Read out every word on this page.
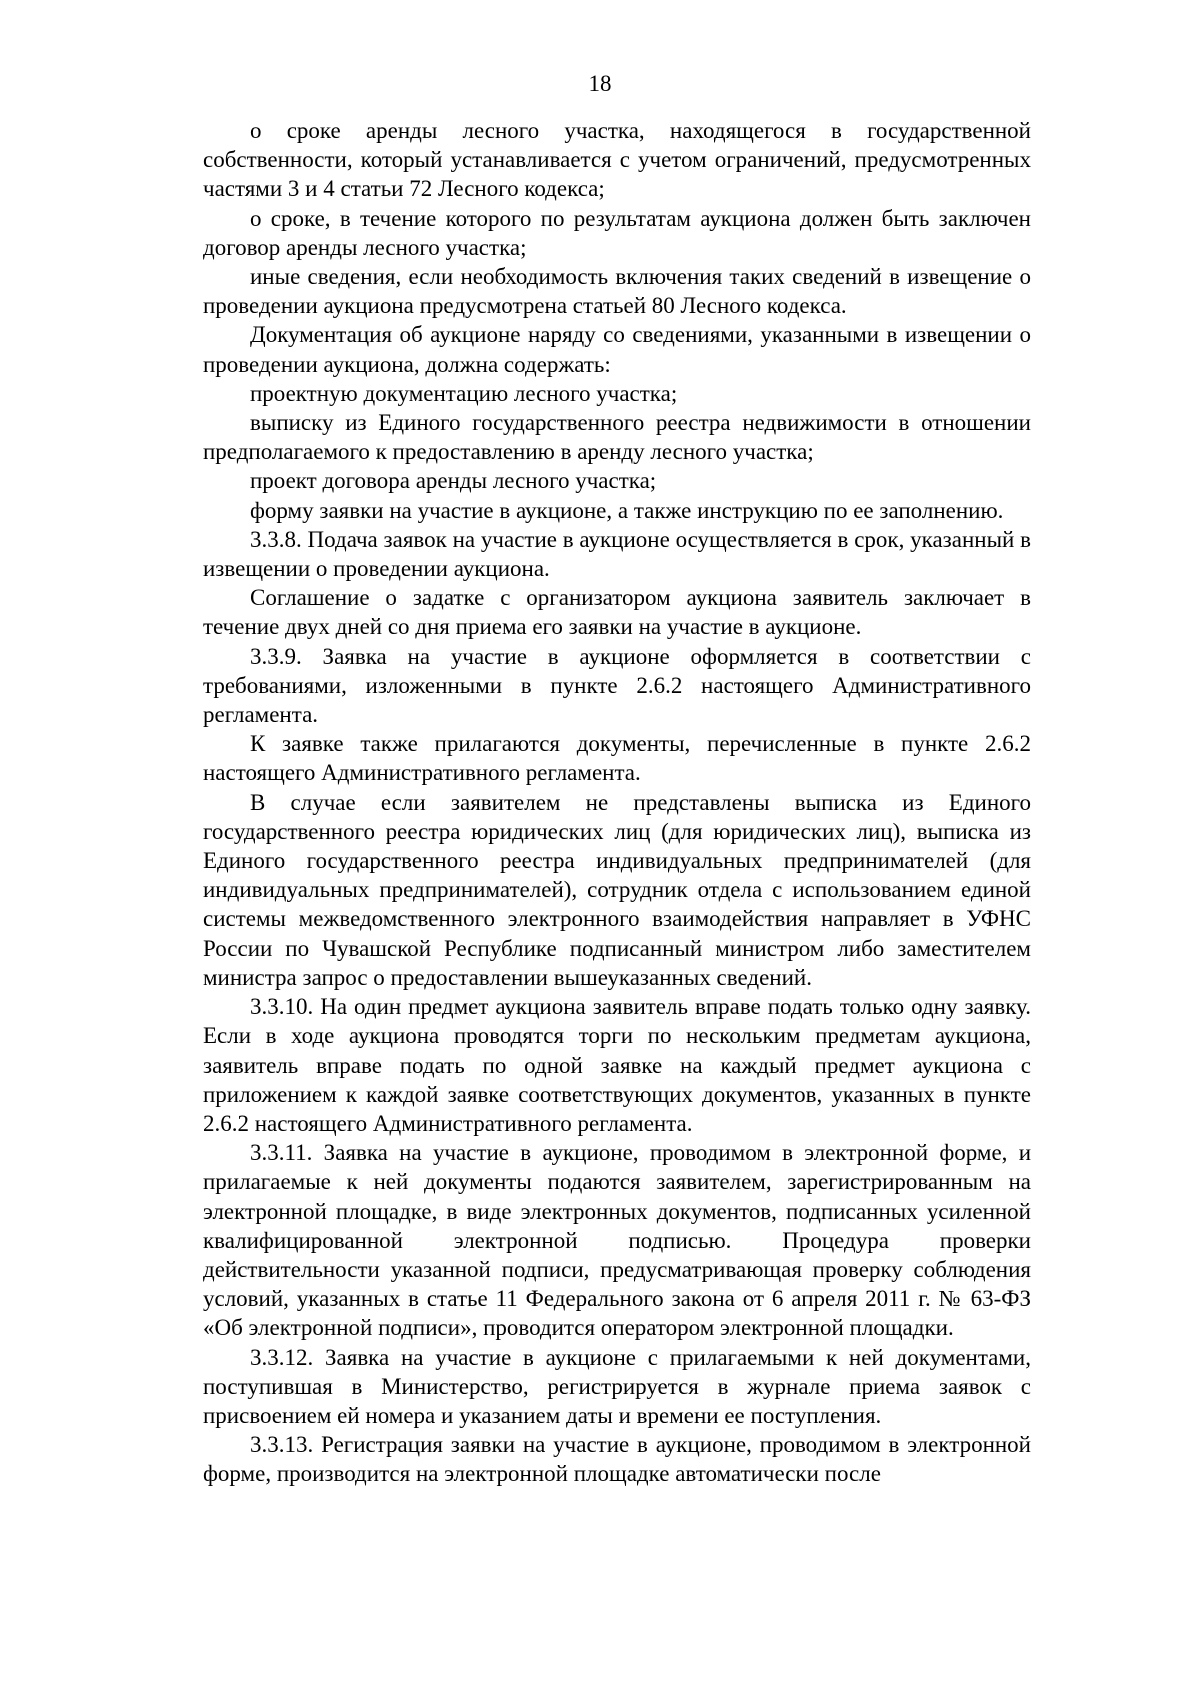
18

о сроке аренды лесного участка, находящегося в государственной собственности, который устанавливается с учетом ограничений, предусмотренных частями 3 и 4 статьи 72 Лесного кодекса;

о сроке, в течение которого по результатам аукциона должен быть заключен договор аренды лесного участка;

иные сведения, если необходимость включения таких сведений в извещение о проведении аукциона предусмотрена статьей 80 Лесного кодекса.

Документация об аукционе наряду со сведениями, указанными в извещении о проведении аукциона, должна содержать:

проектную документацию лесного участка;

выписку из Единого государственного реестра недвижимости в отношении предполагаемого к предоставлению в аренду лесного участка;

проект договора аренды лесного участка;

форму заявки на участие в аукционе, а также инструкцию по ее заполнению.

3.3.8. Подача заявок на участие в аукционе осуществляется в срок, указанный в извещении о проведении аукциона.

Соглашение о задатке с организатором аукциона заявитель заключает в течение двух дней со дня приема его заявки на участие в аукционе.

3.3.9. Заявка на участие в аукционе оформляется в соответствии с требованиями, изложенными в пункте 2.6.2 настоящего Административного регламента.

К заявке также прилагаются документы, перечисленные в пункте 2.6.2 настоящего Административного регламента.

В случае если заявителем не представлены выписка из Единого государственного реестра юридических лиц (для юридических лиц), выписка из Единого государственного реестра индивидуальных предпринимателей (для индивидуальных предпринимателей), сотрудник отдела с использованием единой системы межведомственного электронного взаимодействия направляет в УФНС России по Чувашской Республике подписанный министром либо заместителем министра запрос о предоставлении вышеуказанных сведений.

3.3.10. На один предмет аукциона заявитель вправе подать только одну заявку. Если в ходе аукциона проводятся торги по нескольким предметам аукциона, заявитель вправе подать по одной заявке на каждый предмет аукциона с приложением к каждой заявке соответствующих документов, указанных в пункте 2.6.2 настоящего Административного регламента.

3.3.11. Заявка на участие в аукционе, проводимом в электронной форме, и прилагаемые к ней документы подаются заявителем, зарегистрированным на электронной площадке, в виде электронных документов, подписанных усиленной квалифицированной электронной подписью. Процедура проверки действительности указанной подписи, предусматривающая проверку соблюдения условий, указанных в статье 11 Федерального закона от 6 апреля 2011 г. № 63-ФЗ «Об электронной подписи», проводится оператором электронной площадки.

3.3.12. Заявка на участие в аукционе с прилагаемыми к ней документами, поступившая в Министерство, регистрируется в журнале приема заявок с присвоением ей номера и указанием даты и времени ее поступления.

3.3.13. Регистрация заявки на участие в аукционе, проводимом в электронной форме, производится на электронной площадке автоматически после
